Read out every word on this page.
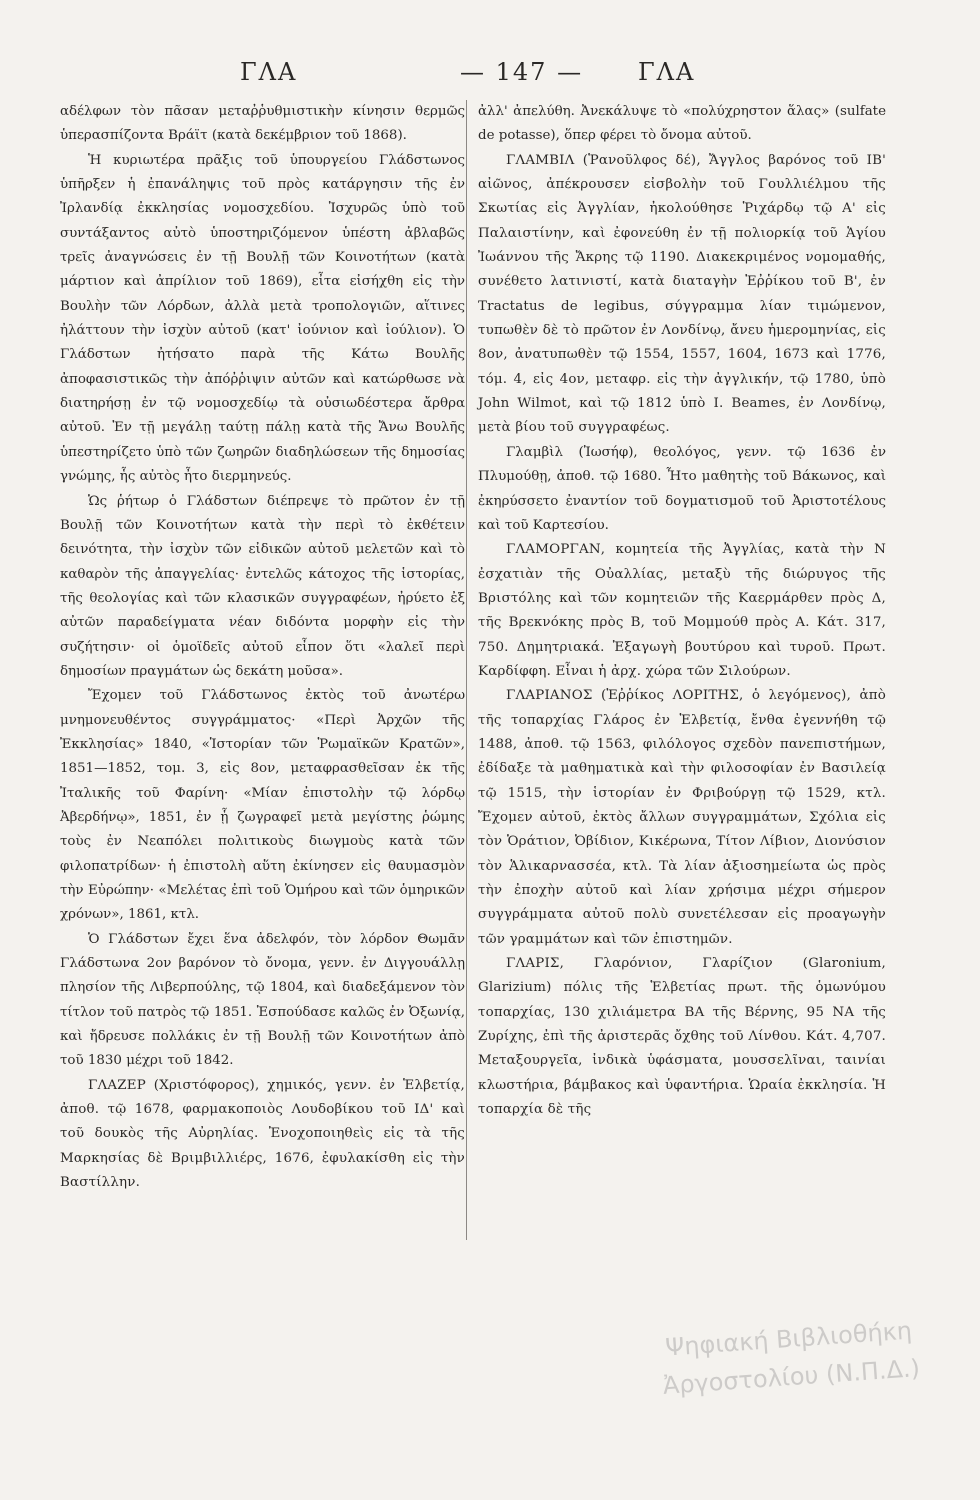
ΓΛΑ	— 147 — ΓΛΑ

αδέλφων τὸν πᾶσαν μεταῤῥυθμιστικὴν κίνησιν θερμῶς ὑπερασπίζοντα Βράϊτ (κατὰ δεκέμβριον τοῦ 1868).

Ἡ κυριωτέρα πρᾶξις τοῦ ὑπουργείου Γλάδστωνος ὑπῆρξεν ἡ ἐπανάληψις τοῦ πρὸς κατάργησιν τῆς ἐν Ἰρλανδίᾳ ἐκκλησίας νομοσχεδίου. Ἰσχυρῶς ὑπὸ τοῦ συντάξαντος αὐτὸ ὑποστηριζόμενον ὑπέστη ἀβλαβῶς τρεῖς ἀναγνώσεις ἐν τῇ Βουλῇ τῶν Κοινοτήτων (κατὰ μάρτιον καὶ ἀπρίλιον τοῦ 1869), εἶτα εἰσήχθη εἰς τὴν Βουλὴν τῶν Λόρδων, ἀλλὰ μετὰ τροπολογιῶν, αἵτινες ἠλάττουν τὴν ἰσχὺν αὐτοῦ (κατ' ἰούνιον καὶ ἰούλιον). Ὁ Γλάδστων ἠτήσατο παρὰ τῆς Κάτω Βουλῆς ἀποφασιστικῶς τὴν ἀπόῤῥιψιν αὐτῶν καὶ κατώρθωσε νὰ διατηρήσῃ ἐν τῷ νομοσχεδίῳ τὰ οὐσιωδέστερα ἄρθρα αὐτοῦ. Ἐν τῇ μεγάλῃ ταύτῃ πάλῃ κατὰ τῆς Ἄνω Βουλῆς ὑπεστηρίζετο ὑπὸ τῶν ζωηρῶν διαδηλώσεων τῆς δημοσίας γνώμης, ἧς αὐτὸς ἦτο διερμηνεύς.

Ὡς ῥήτωρ ὁ Γλάδστων διέπρεψε τὸ πρῶτον ἐν τῇ Βουλῇ τῶν Κοινοτήτων κατὰ τὴν περὶ τὸ ἐκθέτειν δεινότητα, τὴν ἰσχὺν τῶν εἰδικῶν αὐτοῦ μελετῶν καὶ τὸ καθαρὸν τῆς ἀπαγγελίας· ἐντελῶς κάτοχος τῆς ἱστορίας, τῆς θεολογίας καὶ τῶν κλασικῶν συγγραφέων, ἠρύετο ἐξ αὐτῶν παραδείγματα νέαν διδόντα μορφὴν εἰς τὴν συζήτησιν· οἱ ὁμοϊδεῖς αὐτοῦ εἶπον ὅτι «λαλεῖ περὶ δημοσίων πραγμάτων ὡς δεκάτη μοῦσα».

Ἔχομεν τοῦ Γλάδστωνος ἐκτὸς τοῦ ἀνωτέρω μνημονευθέντος συγγράμματος· «Περὶ Ἀρχῶν τῆς Ἐκκλησίας» 1840, «Ἱστορίαν τῶν Ῥωμαϊκῶν Κρατῶν», 1851—1852, τομ. 3, εἰς 8ον, μεταφρασθεῖσαν ἐκ τῆς Ἰταλικῆς τοῦ Φαρίνη· «Μίαν ἐπιστολὴν τῷ λόρδῳ Ἀβερδήνῳ», 1851, ἐν ᾗ ζωγραφεῖ μετὰ μεγίστης ῥώμης τοὺς ἐν Νεαπόλει πολιτικοὺς διωγμοὺς κατὰ τῶν φιλοπατρίδων· ἡ ἐπιστολὴ αὕτη ἐκίνησεν εἰς θαυμασμὸν τὴν Εὐρώπην· «Μελέτας ἐπὶ τοῦ Ὁμήρου καὶ τῶν ὁμηρικῶν χρόνων», 1861, κτλ.

Ὁ Γλάδστων ἔχει ἕνα ἀδελφόν, τὸν λόρδον Θωμᾶν Γλάδστωνα 2ον βαρόνον τὸ ὄνομα, γενν. ἐν Διγγουάλλῃ πλησίον τῆς Λιβερπούλης, τῷ 1804, καὶ διαδεξάμενον τὸν τίτλον τοῦ πατρὸς τῷ 1851. Ἐσπούδασε καλῶς ἐν Ὀξωνίᾳ, καὶ ἤδρευσε πολλάκις ἐν τῇ Βουλῇ τῶν Κοινοτήτων ἀπὸ τοῦ 1830 μέχρι τοῦ 1842.

ΓΛΑΖΕΡ (Χριστόφορος), χημικός, γενν. ἐν Ἑλβετίᾳ, ἀποθ. τῷ 1678, φαρμακοποιὸς Λουδοβίκου τοῦ ΙΔ' καὶ τοῦ δουκὸς τῆς Αὐρηλίας. Ἐνοχοποιηθεὶς εἰς τὰ τῆς Μαρκησίας δὲ Βριμβιλλιέρς, 1676, ἐφυλακίσθη εἰς τὴν Βαστίλλην.

ἀλλ' ἀπελύθη. Ἀνεκάλυψε τὸ «πολύχρηστον ἅλας» (sulfate de potasse), ὅπερ φέρει τὸ ὄνομα αὐτοῦ.

ΓΛΑΜΒΙΛ (Ῥανοῦλφος δέ), Ἄγγλος βαρόνος τοῦ ΙΒ' αἰῶνος, ἀπέκρουσεν εἰσβολὴν τοῦ Γουλλιέλμου τῆς Σκωτίας εἰς Ἀγγλίαν, ἠκολούθησε Ῥιχάρδῳ τῷ Α' εἰς Παλαιστίνην, καὶ ἐφονεύθη ἐν τῇ πολιορκίᾳ τοῦ Ἁγίου Ἰωάννου τῆς Ἄκρης τῷ 1190. Διακεκριμένος νομομαθής, συνέθετο λατινιστί, κατὰ διαταγὴν Ἐῤῥίκου τοῦ Β', ἐν Tractatus de legibus, σύγγραμμα λίαν τιμώμενον, τυπωθὲν δὲ τὸ πρῶτον ἐν Λονδίνῳ, ἄνευ ἡμερομηνίας, εἰς 8ον, ἀνατυπωθὲν τῷ 1554, 1557, 1604, 1673 καὶ 1776, τόμ. 4, εἰς 4ον, μεταφρ. εἰς τὴν ἀγγλικήν, τῷ 1780, ὑπὸ John Wilmot, καὶ τῷ 1812 ὑπὸ I. Beames, ἐν Λονδίνῳ, μετὰ βίου τοῦ συγγραφέως.

Γλαμβὶλ (Ἰωσήφ), θεολόγος, γενν. τῷ 1636 ἐν Πλυμούθῃ, ἀποθ. τῷ 1680. Ἦτο μαθητὴς τοῦ Βάκωνος, καὶ ἐκηρύσσετο ἐναντίον τοῦ δογματισμοῦ τοῦ Ἀριστοτέλους καὶ τοῦ Καρτεσίου.

ΓΛΑΜΟΡΓΑΝ, κομητεία τῆς Ἀγγλίας, κατὰ τὴν Ν ἐσχατιὰν τῆς Οὐαλλίας, μεταξὺ τῆς διώρυγος τῆς Βριστόλης καὶ τῶν κομητειῶν τῆς Καερμάρθεν πρὸς Δ, τῆς Βρεκνόκης πρὸς Β, τοῦ Μομμούθ πρὸς Α. Κάτ. 317, 750. Δημητριακά. Ἐξαγωγὴ βουτύρου καὶ τυροῦ. Πρωτ. Καρδίφφη. Εἶναι ἡ ἀρχ. χώρα τῶν Σιλούρων.

ΓΛΑΡΙΑΝΟΣ (Ἐῤῥίκος ΛΟΡΙΤΗΣ, ὁ λεγόμενος), ἀπὸ τῆς τοπαρχίας Γλάρος ἐν Ἑλβετίᾳ, ἔνθα ἐγεννήθη τῷ 1488, ἀποθ. τῷ 1563, φιλόλογος σχεδὸν πανεπιστήμων, ἐδίδαξε τὰ μαθηματικὰ καὶ τὴν φιλοσοφίαν ἐν Βασιλείᾳ τῷ 1515, τὴν ἱστορίαν ἐν Φριβούργῃ τῷ 1529, κτλ. Ἔχομεν αὐτοῦ, ἐκτὸς ἄλλων συγγραμμάτων, Σχόλια εἰς τὸν Ὁράτιον, Ὀβίδιον, Κικέρωνα, Τίτον Λίβιον, Διονύσιον τὸν Ἁλικαρνασσέα, κτλ. Τὰ λίαν ἀξιοσημείωτα ὡς πρὸς τὴν ἐποχὴν αὐτοῦ καὶ λίαν χρήσιμα μέχρι σήμερον συγγράμματα αὐτοῦ πολὺ συνετέλεσαν εἰς προαγωγὴν τῶν γραμμάτων καὶ τῶν ἐπιστημῶν.

ΓΛΑΡΙΣ, Γλαρόνιον, Γλαρίζιον (Glaronium, Glarizium) πόλις τῆς Ἑλβετίας πρωτ. τῆς ὁμωνύμου τοπαρχίας, 130 χιλιάμετρα ΒΑ τῆς Βέρνης, 95 ΝΑ τῆς Ζυρίχης, ἐπὶ τῆς ἀριστερᾶς ὄχθης τοῦ Λίνθου. Κάτ. 4,707. Μεταξουργεῖα, ἰνδικὰ ὑφάσματα, μουσσελῖναι, ταινίαι κλωστήρια, βάμβακος καὶ ὑφαντήρια. Ὡραία ἐκκλησία. Ἡ τοπαρχία δὲ τῆς

Ψηφιακή Βιβλιοθήκη
Ἀργοστολίου (Ν.Π.Δ.)
